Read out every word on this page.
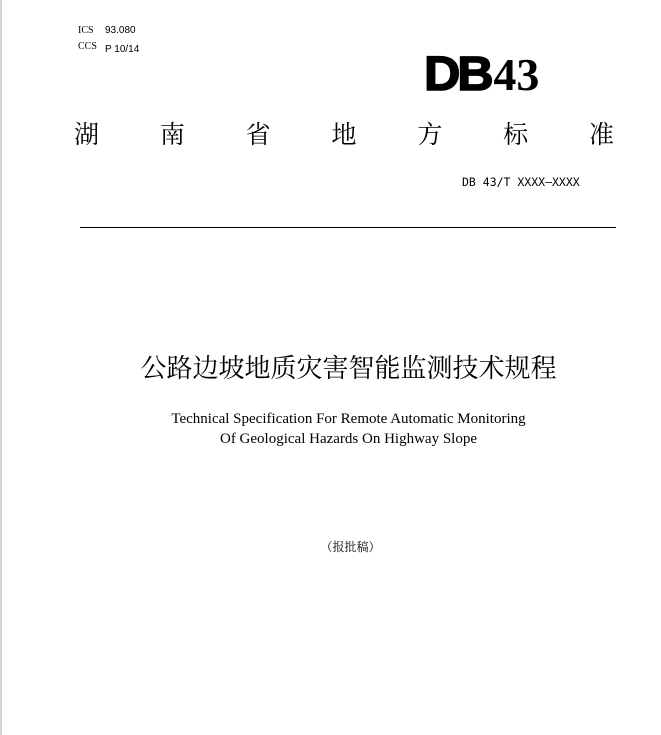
ICS	93.080
CCS P 10/14	DB 43
湖 南 省 地 方 标 准
DB 43/T XXXX—XXXX
公路边坡地质灾害智能监测技术规程
Technical Specification For Remote Automatic Monitoring
Of Geological Hazards On Highway Slope
（报批稿）
